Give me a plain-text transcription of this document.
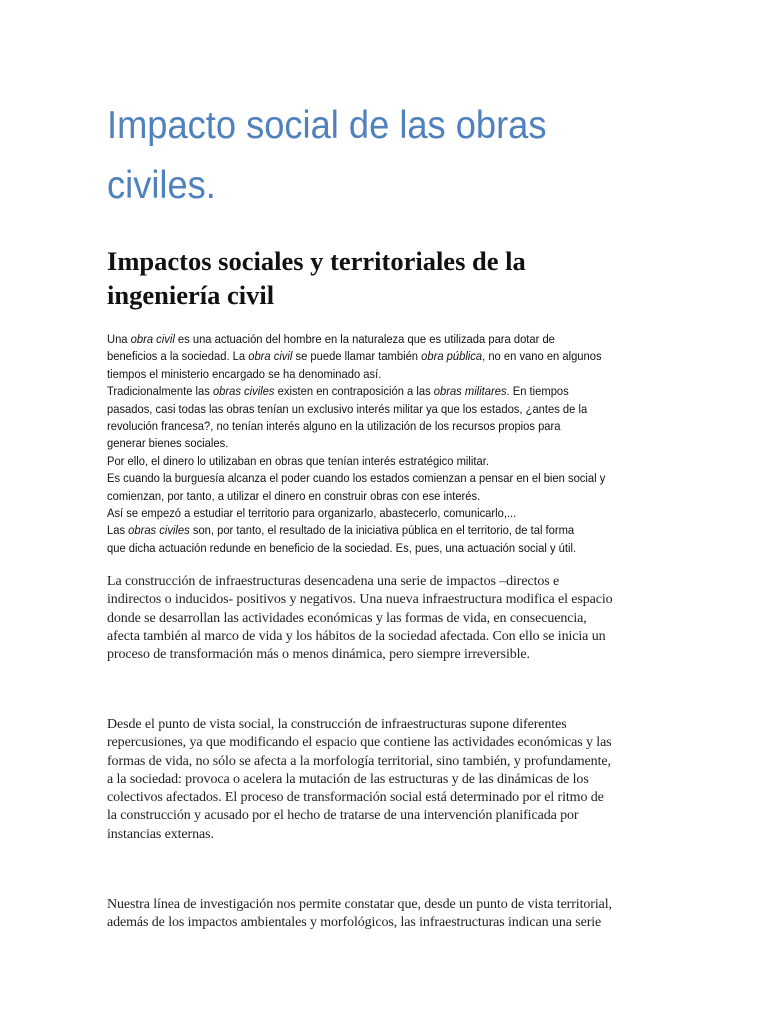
Impacto social de las obras
civiles.
Impactos sociales y territoriales de la
ingeniería civil
Una obra civil es una actuación del hombre en la naturaleza que es utilizada para dotar de
beneficios a la sociedad. La obra civil se puede llamar también obra pública, no en vano en algunos
tiempos el ministerio encargado se ha denominado así.
Tradicionalmente las obras civiles existen en contraposición a las obras militares. En tiempos
pasados, casi todas las obras tenían un exclusivo interés militar ya que los estados, ¿antes de la
revolución francesa?, no tenían interés alguno en la utilización de los recursos propios para
generar bienes sociales.
Por ello, el dinero lo utilizaban en obras que tenían interés estratégico militar.
Es cuando la burguesía alcanza el poder cuando los estados comienzan a pensar en el bien social y
comienzan, por tanto, a utilizar el dinero en construir obras con ese interés.
Así se empezó a estudiar el territorio para organizarlo, abastecerlo, comunicarlo,...
Las obras civiles son, por tanto, el resultado de la iniciativa pública en el territorio, de tal forma
que dicha actuación redunde en beneficio de la sociedad. Es, pues, una actuación social y útil.
La construcción de infraestructuras desencadena una serie de impactos –directos e
indirectos o inducidos- positivos y negativos. Una nueva infraestructura modifica el espacio
donde se desarrollan las actividades económicas y las formas de vida, en consecuencia,
afecta también al marco de vida y los hábitos de la sociedad afectada. Con ello se inicia un
proceso de transformación más o menos dinámica, pero siempre irreversible.
Desde el punto de vista social, la construcción de infraestructuras supone diferentes
repercusiones, ya que modificando el espacio que contiene las actividades económicas y las
formas de vida, no sólo se afecta a la morfología territorial, sino también, y profundamente,
a la sociedad: provoca o acelera la mutación de las estructuras y de las dinámicas de los
colectivos afectados. El proceso de transformación social está determinado por el ritmo de
la construcción y acusado por el hecho de tratarse de una intervención planificada por
instancias externas.
Nuestra línea de investigación nos permite constatar que, desde un punto de vista territorial,
además de los impactos ambientales y morfológicos, las infraestructuras indican una serie
